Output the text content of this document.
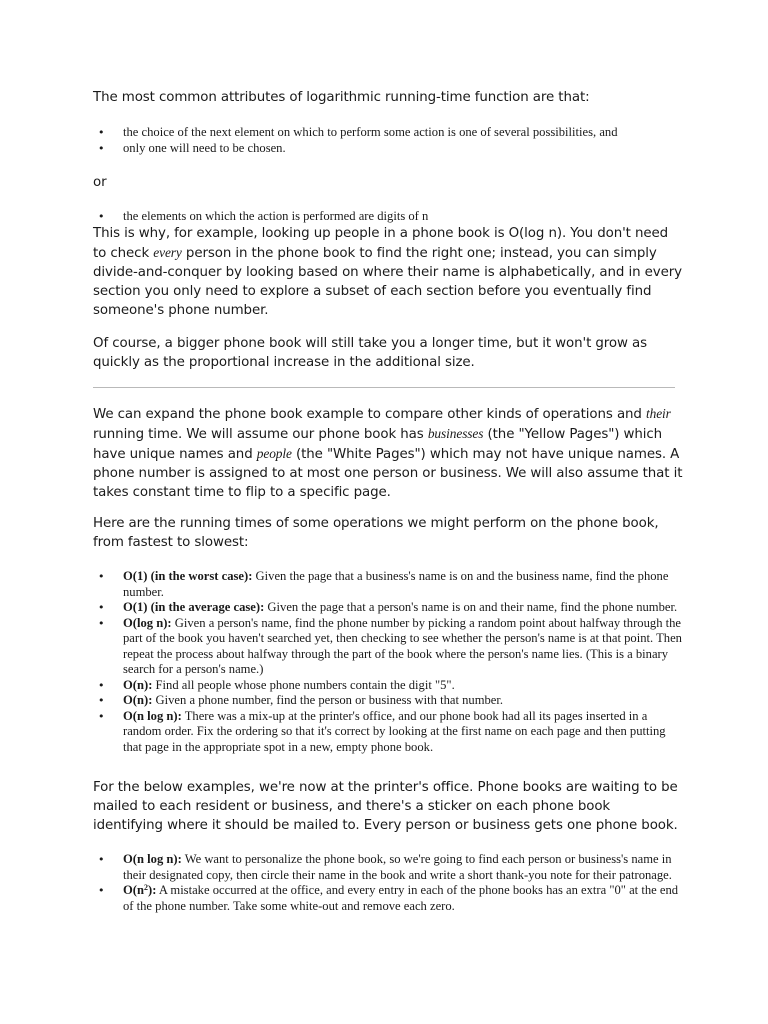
The most common attributes of logarithmic running-time function are that:

• the choice of the next element on which to perform some action is one of several possibilities, and
• only one will need to be chosen.

or

• the elements on which the action is performed are digits of n

This is why, for example, looking up people in a phone book is O(log n). You don't need to check every person in the phone book to find the right one; instead, you can simply divide-and-conquer by looking based on where their name is alphabetically, and in every section you only need to explore a subset of each section before you eventually find someone's phone number.

Of course, a bigger phone book will still take you a longer time, but it won't grow as quickly as the proportional increase in the additional size.

We can expand the phone book example to compare other kinds of operations and their running time. We will assume our phone book has businesses (the "Yellow Pages") which have unique names and people (the "White Pages") which may not have unique names. A phone number is assigned to at most one person or business. We will also assume that it takes constant time to flip to a specific page.

Here are the running times of some operations we might perform on the phone book, from fastest to slowest:

• O(1) (in the worst case): Given the page that a business's name is on and the business name, find the phone number.
• O(1) (in the average case): Given the page that a person's name is on and their name, find the phone number.
• O(log n): Given a person's name, find the phone number by picking a random point about halfway through the part of the book you haven't searched yet, then checking to see whether the person's name is at that point. Then repeat the process about halfway through the part of the book where the person's name lies. (This is a binary search for a person's name.)
• O(n): Find all people whose phone numbers contain the digit "5".
• O(n): Given a phone number, find the person or business with that number.
• O(n log n): There was a mix-up at the printer's office, and our phone book had all its pages inserted in a random order. Fix the ordering so that it's correct by looking at the first name on each page and then putting that page in the appropriate spot in a new, empty phone book.

For the below examples, we're now at the printer's office. Phone books are waiting to be mailed to each resident or business, and there's a sticker on each phone book identifying where it should be mailed to. Every person or business gets one phone book.

• O(n log n): We want to personalize the phone book, so we're going to find each person or business's name in their designated copy, then circle their name in the book and write a short thank-you note for their patronage.
• $O(n^2)$: A mistake occurred at the office, and every entry in each of the phone books has an extra "0" at the end of the phone number. Take some white-out and remove each zero.
